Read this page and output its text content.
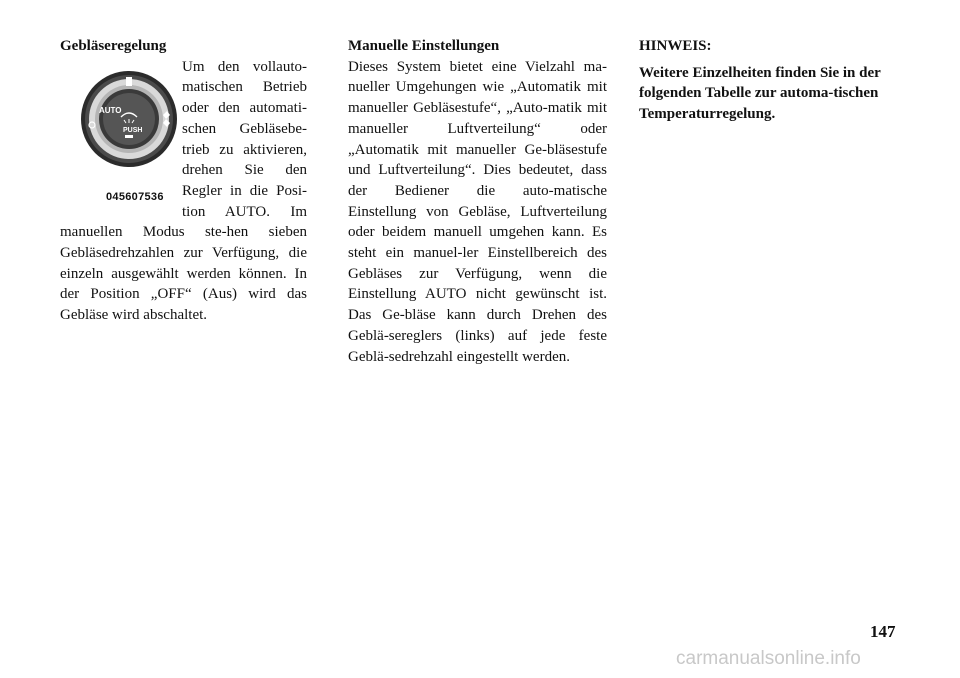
Gebläseregelung
AUTO
PUSH
045607536

Um den vollauto-matischen Betrieb oder den automati-schen Gebläsebe-trieb zu aktivieren, drehen Sie den Regler in die Posi-tion AUTO. Im manuellen Modus ste-hen sieben Gebläsedrehzahlen zur Verfügung, die einzeln ausgewählt werden können. In der Position „OFF“ (Aus) wird das Gebläse wird abschaltet.

Manuelle Einstellungen

Dieses System bietet eine Vielzahl ma-nueller Umgehungen wie „Automatik mit manueller Gebläsestufe“, „Auto-matik mit manueller Luftverteilung“ oder „Automatik mit manueller Ge-bläsestufe und Luftverteilung“. Dies bedeutet, dass der Bediener die auto-matische Einstellung von Gebläse, Luftverteilung oder beidem manuell umgehen kann. Es steht ein manuel-ler Einstellbereich des Gebläses zur Verfügung, wenn die Einstellung AUTO nicht gewünscht ist. Das Ge-bläse kann durch Drehen des Geblä-sereglers (links) auf jede feste Geblä-sedrehzahl eingestellt werden.

HINWEIS:
Weitere Einzelheiten finden Sie in der folgenden Tabelle zur automa-tischen Temperaturregelung.
147
carmanualsonline.info
